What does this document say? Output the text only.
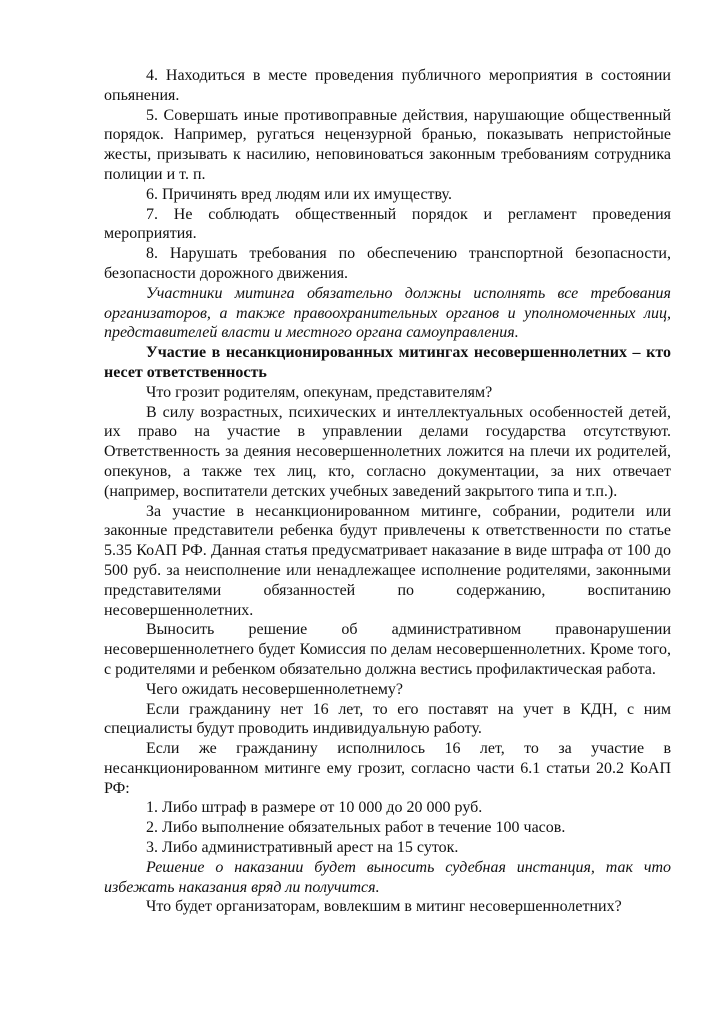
4. Находиться в месте проведения публичного мероприятия в состоянии опьянения.

5. Совершать иные противоправные действия, нарушающие общественный порядок. Например, ругаться нецензурной бранью, показывать непристойные жесты, призывать к насилию, неповиноваться законным требованиям сотрудника полиции и т. п.

6. Причинять вред людям или их имуществу.

7. Не соблюдать общественный порядок и регламент проведения мероприятия.

8. Нарушать требования по обеспечению транспортной безопасности, безопасности дорожного движения.

Участники митинга обязательно должны исполнять все требования организаторов, а также правоохранительных органов и уполномоченных лиц, представителей власти и местного органа самоуправления.

Участие в несанкционированных митингах несовершеннолетних – кто несет ответственность

Что грозит родителям, опекунам, представителям?

В силу возрастных, психических и интеллектуальных особенностей детей, их право на участие в управлении делами государства отсутствуют. Ответственность за деяния несовершеннолетних ложится на плечи их родителей, опекунов, а также тех лиц, кто, согласно документации, за них отвечает (например, воспитатели детских учебных заведений закрытого типа и т.п.).

За участие в несанкционированном митинге, собрании, родители или законные представители ребенка будут привлечены к ответственности по статье 5.35 КоАП РФ. Данная статья предусматривает наказание в виде штрафа от 100 до 500 руб. за неисполнение или ненадлежащее исполнение родителями, законными представителями обязанностей по содержанию, воспитанию несовершеннолетних.

Выносить решение об административном правонарушении несовершеннолетнего будет Комиссия по делам несовершеннолетних. Кроме того, с родителями и ребенком обязательно должна вестись профилактическая работа.

Чего ожидать несовершеннолетнему?

Если гражданину нет 16 лет, то его поставят на учет в КДН, с ним специалисты будут проводить индивидуальную работу.

Если же гражданину исполнилось 16 лет, то за участие в несанкционированном митинге ему грозит, согласно части 6.1 статьи 20.2 КоАП РФ:

1. Либо штраф в размере от 10 000 до 20 000 руб.

2. Либо выполнение обязательных работ в течение 100 часов.

3. Либо административный арест на 15 суток.

Решение о наказании будет выносить судебная инстанция, так что избежать наказания вряд ли получится.

Что будет организаторам, вовлекшим в митинг несовершеннолетних?
